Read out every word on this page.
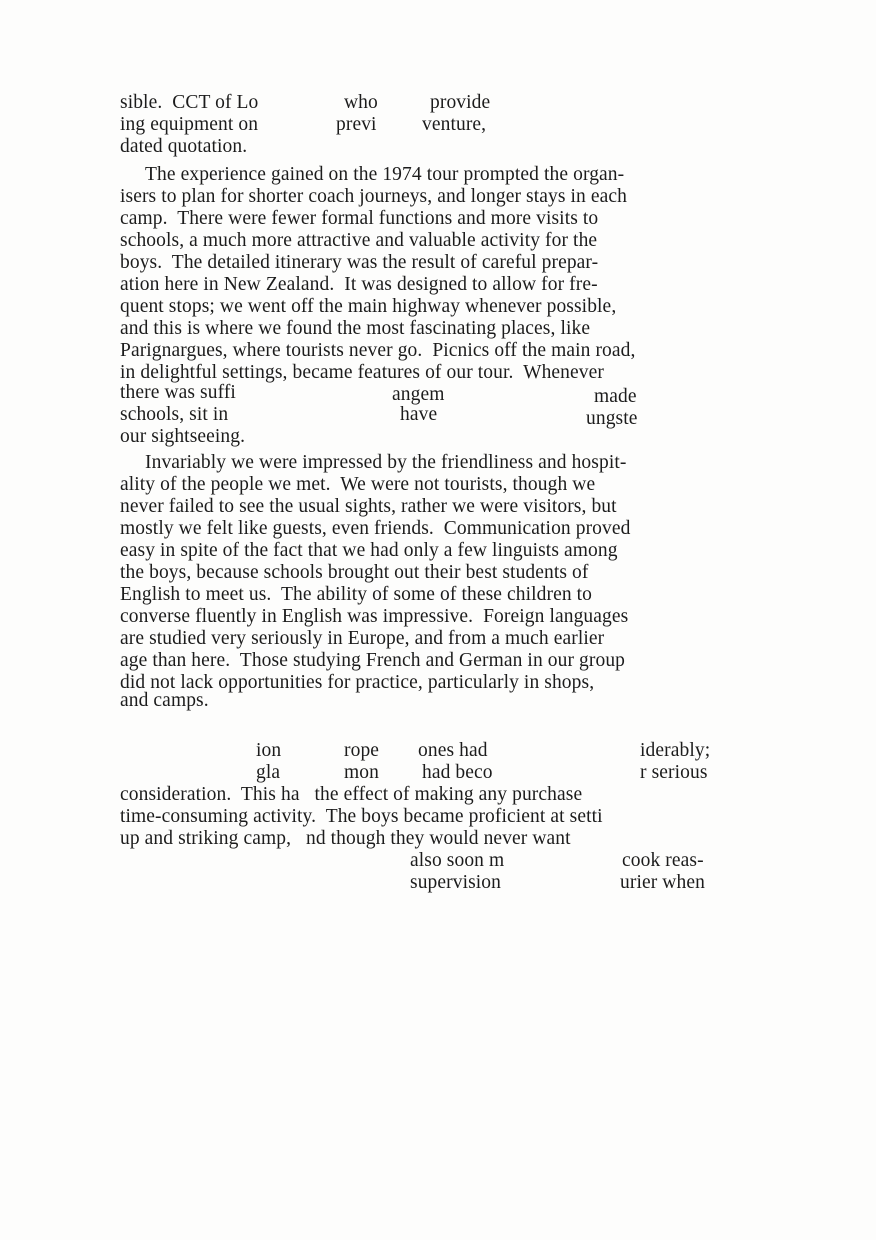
sible.  CCT of Lo	who	provide
ing equipment on	previ venture,
dated quotation.
The experience gained on the 1974 tour prompted the organ-
isers to plan for shorter coach journeys, and longer stays in each
camp.  There were fewer formal functions and more visits to
schools, a much more attractive and valuable activity for the
boys.  The detailed itinerary was the result of careful prepar-
ation here in New Zealand.  It was designed to allow for fre-
quent stops; we went off the main highway whenever possible,
and this is where we found the most fascinating places, like
Parignargues, where tourists never go.  Picnics off the main road,
in delightful settings, became features of our tour.  Whenever
there was suffi	angem	made
schools, sit in	have	ungste
our sightseeing.
Invariably we were impressed by the friendliness and hospit-
ality of the people we met.  We were not tourists, though we
never failed to see the usual sights, rather we were visitors, but
mostly we felt like guests, even friends.  Communication proved
easy in spite of the fact that we had only a few linguists among
the boys, because schools brought out their best students of
English to meet us.  The ability of some of these children to
converse fluently in English was impressive.  Foreign languages
are studied very seriously in Europe, and from a much earlier
age than here.  Those studying French and German in our group
did not lack opportunities for practice, particularly in shops,
and camps.
ion	rope ones had	iderably;
gla	mon had beco	r serious
consideration.  This ha   the effect of making any purchase
time-consuming activity.  The boys became proficient at setti
up and striking camp,   nd though they would never want
also soon m	cook reas-
supervision	urier when
